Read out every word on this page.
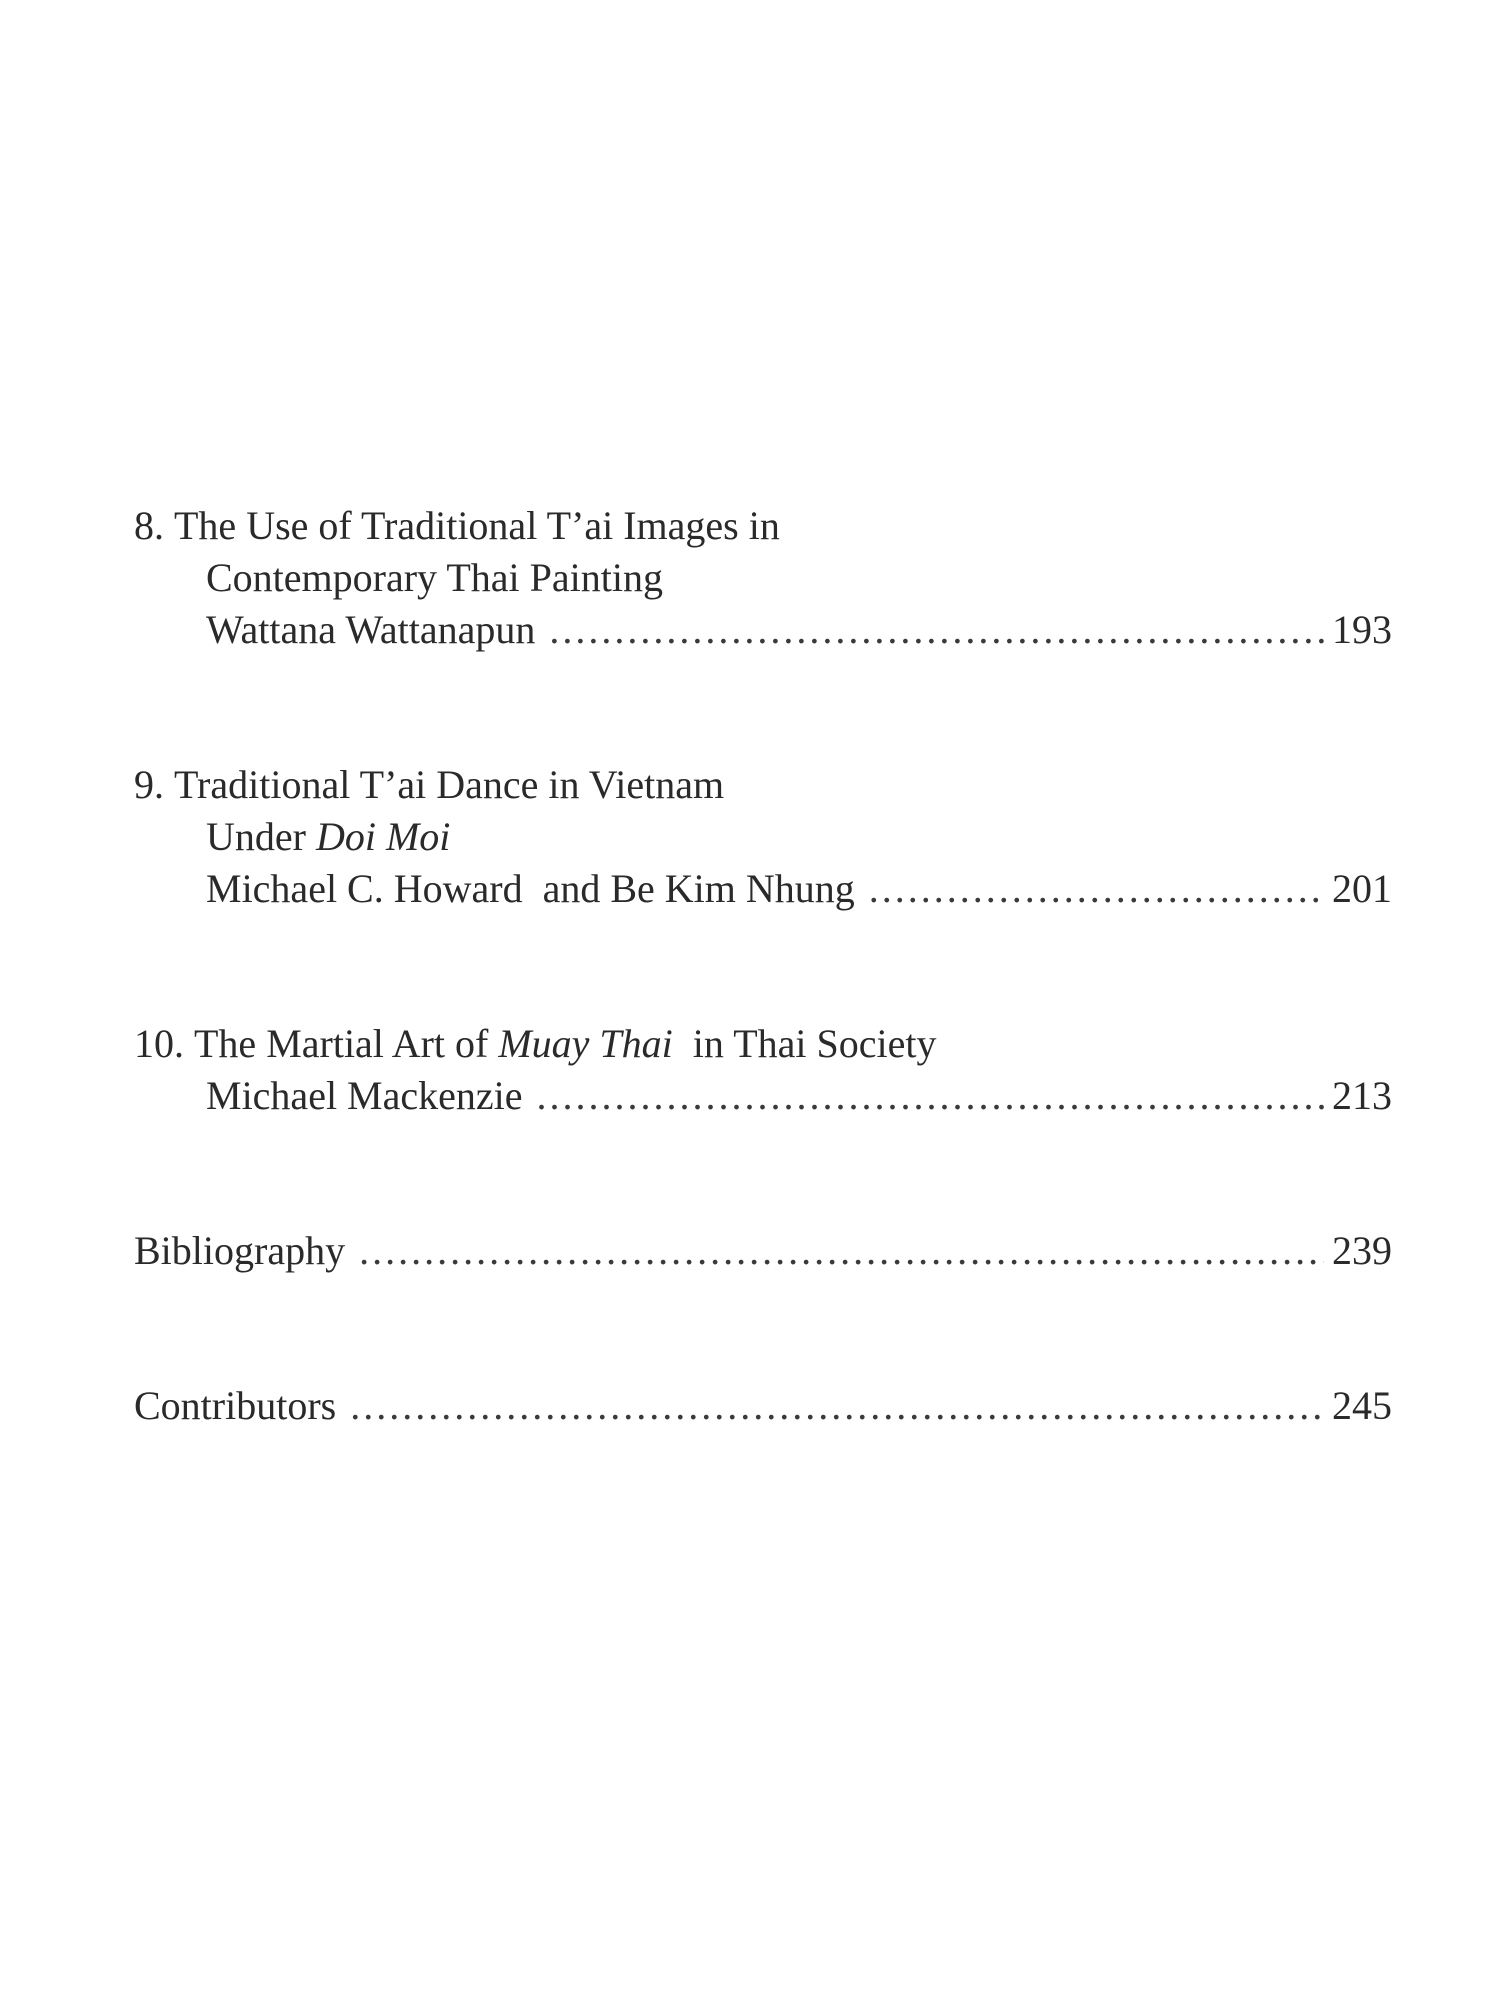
8. The Use of Traditional T’ai Images in
Contemporary Thai Painting
Wattana Wattanapun .....	193
9. Traditional T’ai Dance in Vietnam
Under Doi Moi
Michael C. Howard  and Be Kim Nhung .....	201
10. The Martial Art of Muay Thai in Thai Society
Michael Mackenzie .....	213
Bibliography .....	239
Contributors .....	245
